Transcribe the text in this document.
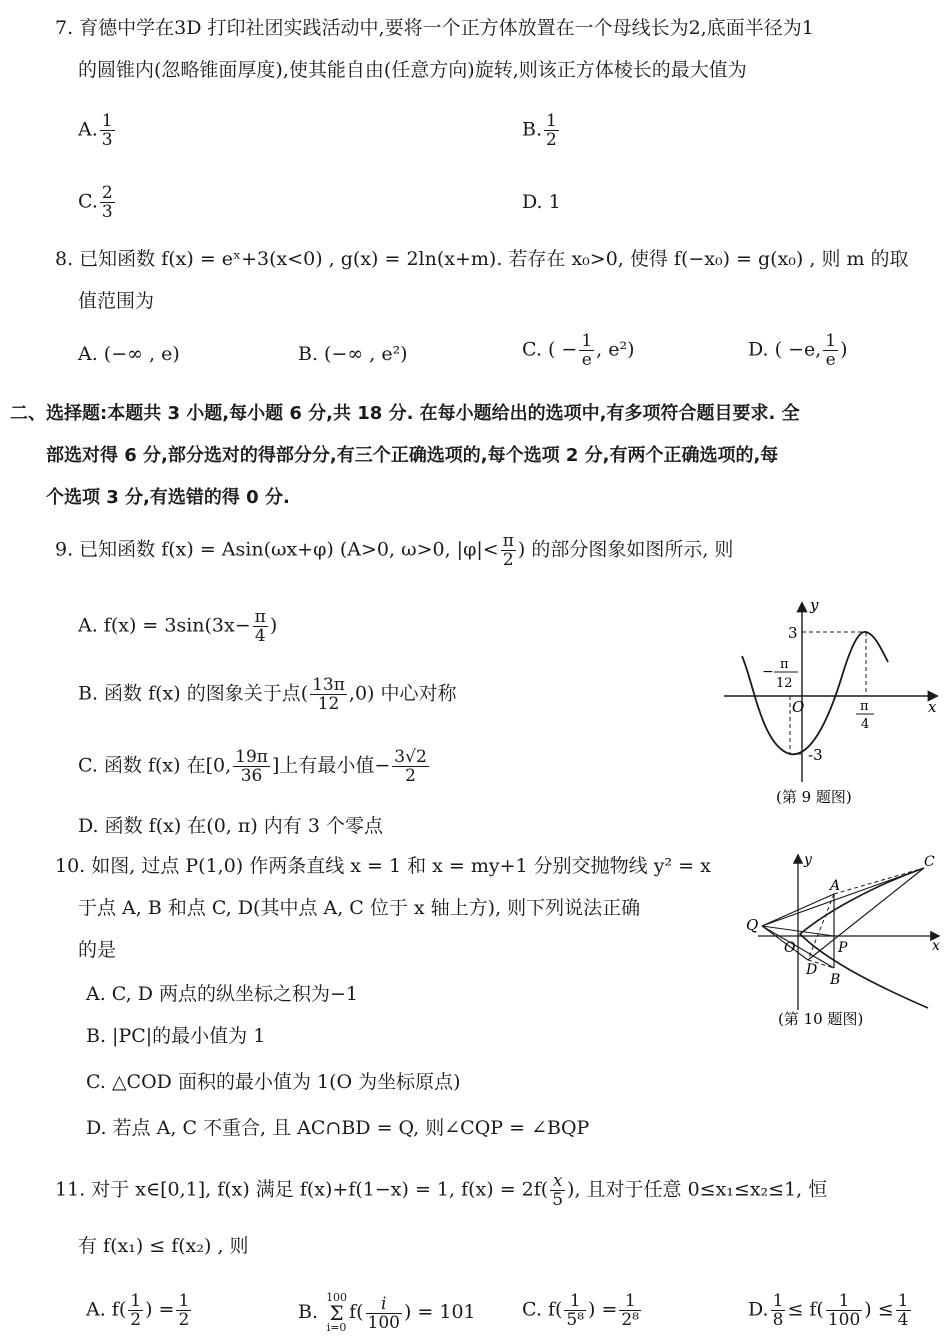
7. 育德中学在3D 打印社团实践活动中,要将一个正方体放置在一个母线长为2,底面半径为1
的圆锥内(忽略锥面厚度),使其能自由(任意方向)旋转,则该正方体棱长的最大值为
A. $\frac{1}{3}$	B. $\frac{1}{2}$
C. $\frac{2}{3}$	D. 1
8. 已知函数 f(x) = eˣ+3(x<0) , g(x) = 2ln(x+m). 若存在 x₀>0, 使得 f(−x₀) = g(x₀) , 则 m 的取
值范围为
A. (−∞ , e)	B. (−∞ , e²)	C. ( − $\frac{1}{e}$ , e²)	D. ( −e, $\frac{1}{e}$ )
二、选择题:本题共 3 小题,每小题 6 分,共 18 分. 在每小题给出的选项中,有多项符合题目要求. 全
部选对得 6 分,部分选对的得部分分,有三个正确选项的,每个选项 2 分,有两个正确选项的,每
个选项 3 分,有选错的得 0 分.
9. 已知函数 f(x) = Asin(ωx+φ) (A>0, ω>0, $|\varphi|< \frac{\pi}{2}$ ) 的部分图象如图所示, 则
A. $f(x) = 3\sin(3x- \frac{\pi}{4}$ )
B. 函数 f(x) 的图象关于点( $\frac{13\pi}{12} ,0$) 中心对称
C. 函数 f(x) 在[0, $\frac{19\pi}{36}$ ]上有最小值− $\frac{3√2}{2}$
D. 函数 f(x) 在(0, π) 内有 3 个零点
y
x
O
3
-3
− π
12
π
4
(第 9 题图)
10. 如图, 过点 P(1,0) 作两条直线 x = 1 和 x = my+1 分别交抛物线 y² = x
于点 A, B 和点 C, D(其中点 A, C 位于 x 轴上方), 则下列说法正确
的是
A. C, D 两点的纵坐标之积为−1
B. |PC|的最小值为 1
C. △COD 面积的最小值为 1(O 为坐标原点)
D. 若点 A, C 不重合, 且 AC∩BD = Q, 则∠CQP = ∠BQP
y
x
O	P
Q
A
B
C
D
(第 10 题图)
11. 对于 x∈[0,1], f(x) 满足 f(x)+f(1−x) = 1, $f(x) = 2f( \frac{x}{5}$ ), 且对于任意 0≤x₁≤x₂≤1, 恒
有 f(x₁) ≤ f(x₂) , 则
A. $f( \frac{1}{2}$ ) = $\frac{1}{2}$	B.
100
Σ
i=0
$f( \frac{i}{100}$ ) = 101 C. $f( \frac{1}{\text{5⁸}}$ ) = $\frac{1}{\text{2⁸}}$	D. $\frac{1}{8} \le f( \frac{1}{100}$ ) ≤ $\frac{1}{4}$
